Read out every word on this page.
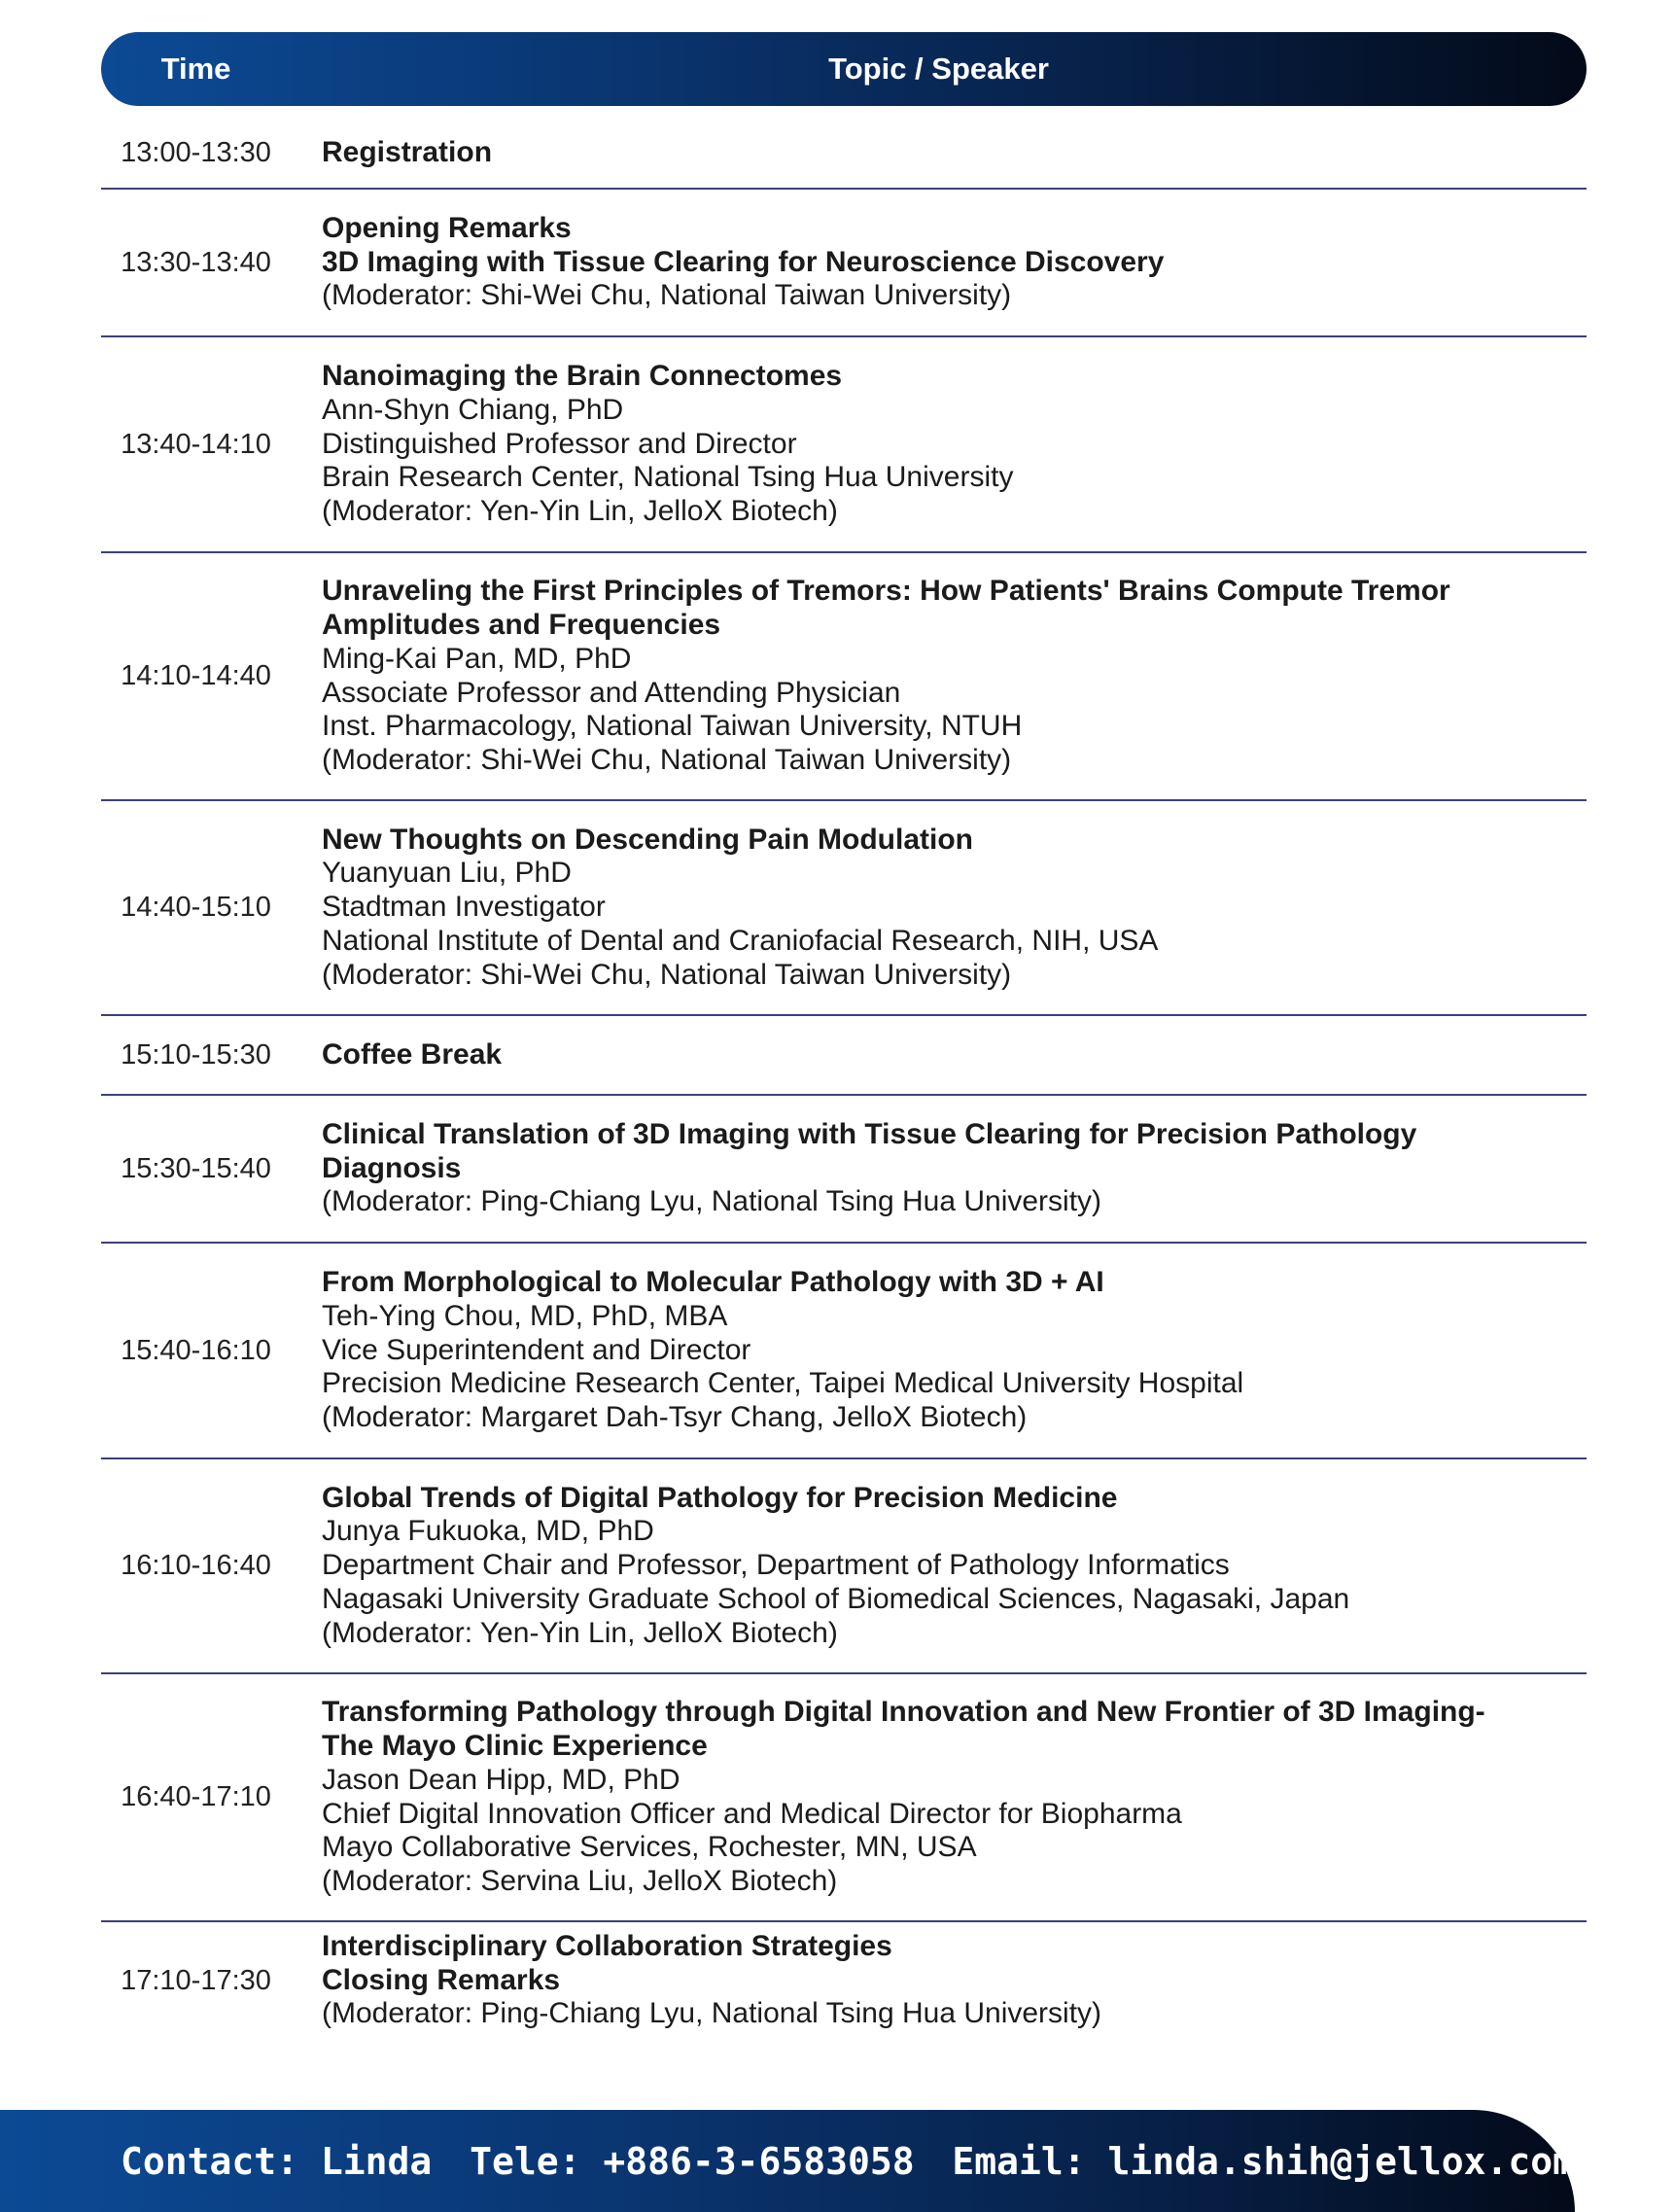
Time	Topic / Speaker
13:00-13:30	Registration
13:30-13:40
Opening Remarks
3D Imaging with Tissue Clearing for Neuroscience Discovery
(Moderator: Shi-Wei Chu, National Taiwan University)
13:40-14:10
Nanoimaging the Brain Connectomes
Ann-Shyn Chiang, PhD
Distinguished Professor and Director
Brain Research Center, National Tsing Hua University
(Moderator: Yen-Yin Lin, JelloX Biotech)
14:10-14:40
Unraveling the First Principles of Tremors: How Patients' Brains Compute Tremor
Amplitudes and Frequencies
Ming-Kai Pan, MD, PhD
Associate Professor and Attending Physician
Inst. Pharmacology, National Taiwan University, NTUH
(Moderator: Shi-Wei Chu, National Taiwan University)
14:40-15:10
New Thoughts on Descending Pain Modulation
Yuanyuan Liu, PhD
Stadtman Investigator
National Institute of Dental and Craniofacial Research, NIH, USA
(Moderator: Shi-Wei Chu, National Taiwan University)
15:10-15:30	Coffee Break
15:30-15:40
Clinical Translation of 3D Imaging with Tissue Clearing for Precision Pathology
Diagnosis
(Moderator: Ping-Chiang Lyu, National Tsing Hua University)
15:40-16:10
From Morphological to Molecular Pathology with 3D + AI
Teh-Ying Chou, MD, PhD, MBA
Vice Superintendent and Director
Precision Medicine Research Center, Taipei Medical University Hospital
(Moderator: Margaret Dah-Tsyr Chang, JelloX Biotech)
16:10-16:40
Global Trends of Digital Pathology for Precision Medicine
Junya Fukuoka, MD, PhD
Department Chair and Professor, Department of Pathology Informatics
Nagasaki University Graduate School of Biomedical Sciences, Nagasaki, Japan
(Moderator: Yen-Yin Lin, JelloX Biotech)
16:40-17:10
Transforming Pathology through Digital Innovation and New Frontier of 3D Imaging-
The Mayo Clinic Experience
Jason Dean Hipp, MD, PhD
Chief Digital Innovation Officer and Medical Director for Biopharma
Mayo Collaborative Services, Rochester, MN, USA
(Moderator: Servina Liu, JelloX Biotech)
17:10-17:30
Interdisciplinary Collaboration Strategies
Closing Remarks
(Moderator: Ping-Chiang Lyu, National Tsing Hua University)
Contact: Linda Tele: +886-3-6583058 Email: linda.shih@jellox.com
